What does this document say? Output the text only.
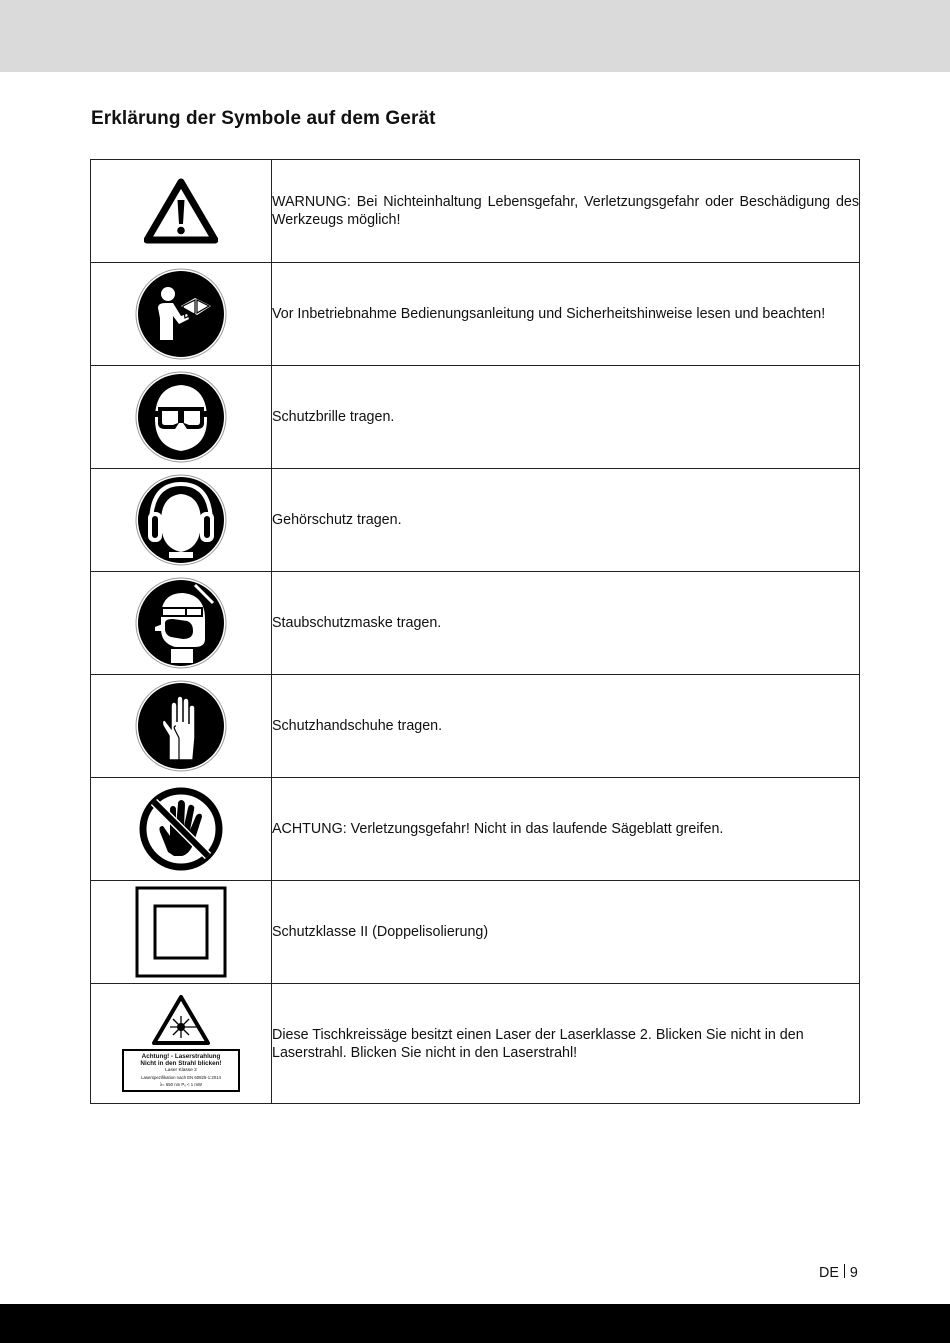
Erklärung der Symbole auf dem Gerät
	WARNUNG: Bei Nichteinhaltung Lebensgefahr, Verletzungsgefahr oder Beschädigung des Werkzeugs möglich!

	Vor Inbetriebnahme Bedienungsanleitung und Sicherheitshinweise lesen und beachten!

	Schutzbrille tragen.

	Gehörschutz tragen.

	Staubschutzmaske tragen.

	Schutzhandschuhe tragen.

	ACHTUNG: Verletzungsgefahr! Nicht in das laufende Sägeblatt greifen.

	Schutzklasse II (Doppelisolierung)

Achtung! - Laserstrahlung
Nicht in den Strahl blicken!
Laser Klasse 2
Laserspezifikation nach EN 60825-1:2014
λ= 650 nm Pₒ < 1 mW	Diese Tischkreissäge besitzt einen Laser der Laserklasse 2. Blicken Sie nicht in den Laserstrahl. Blicken Sie nicht in den Laserstrahl!
DE 9
